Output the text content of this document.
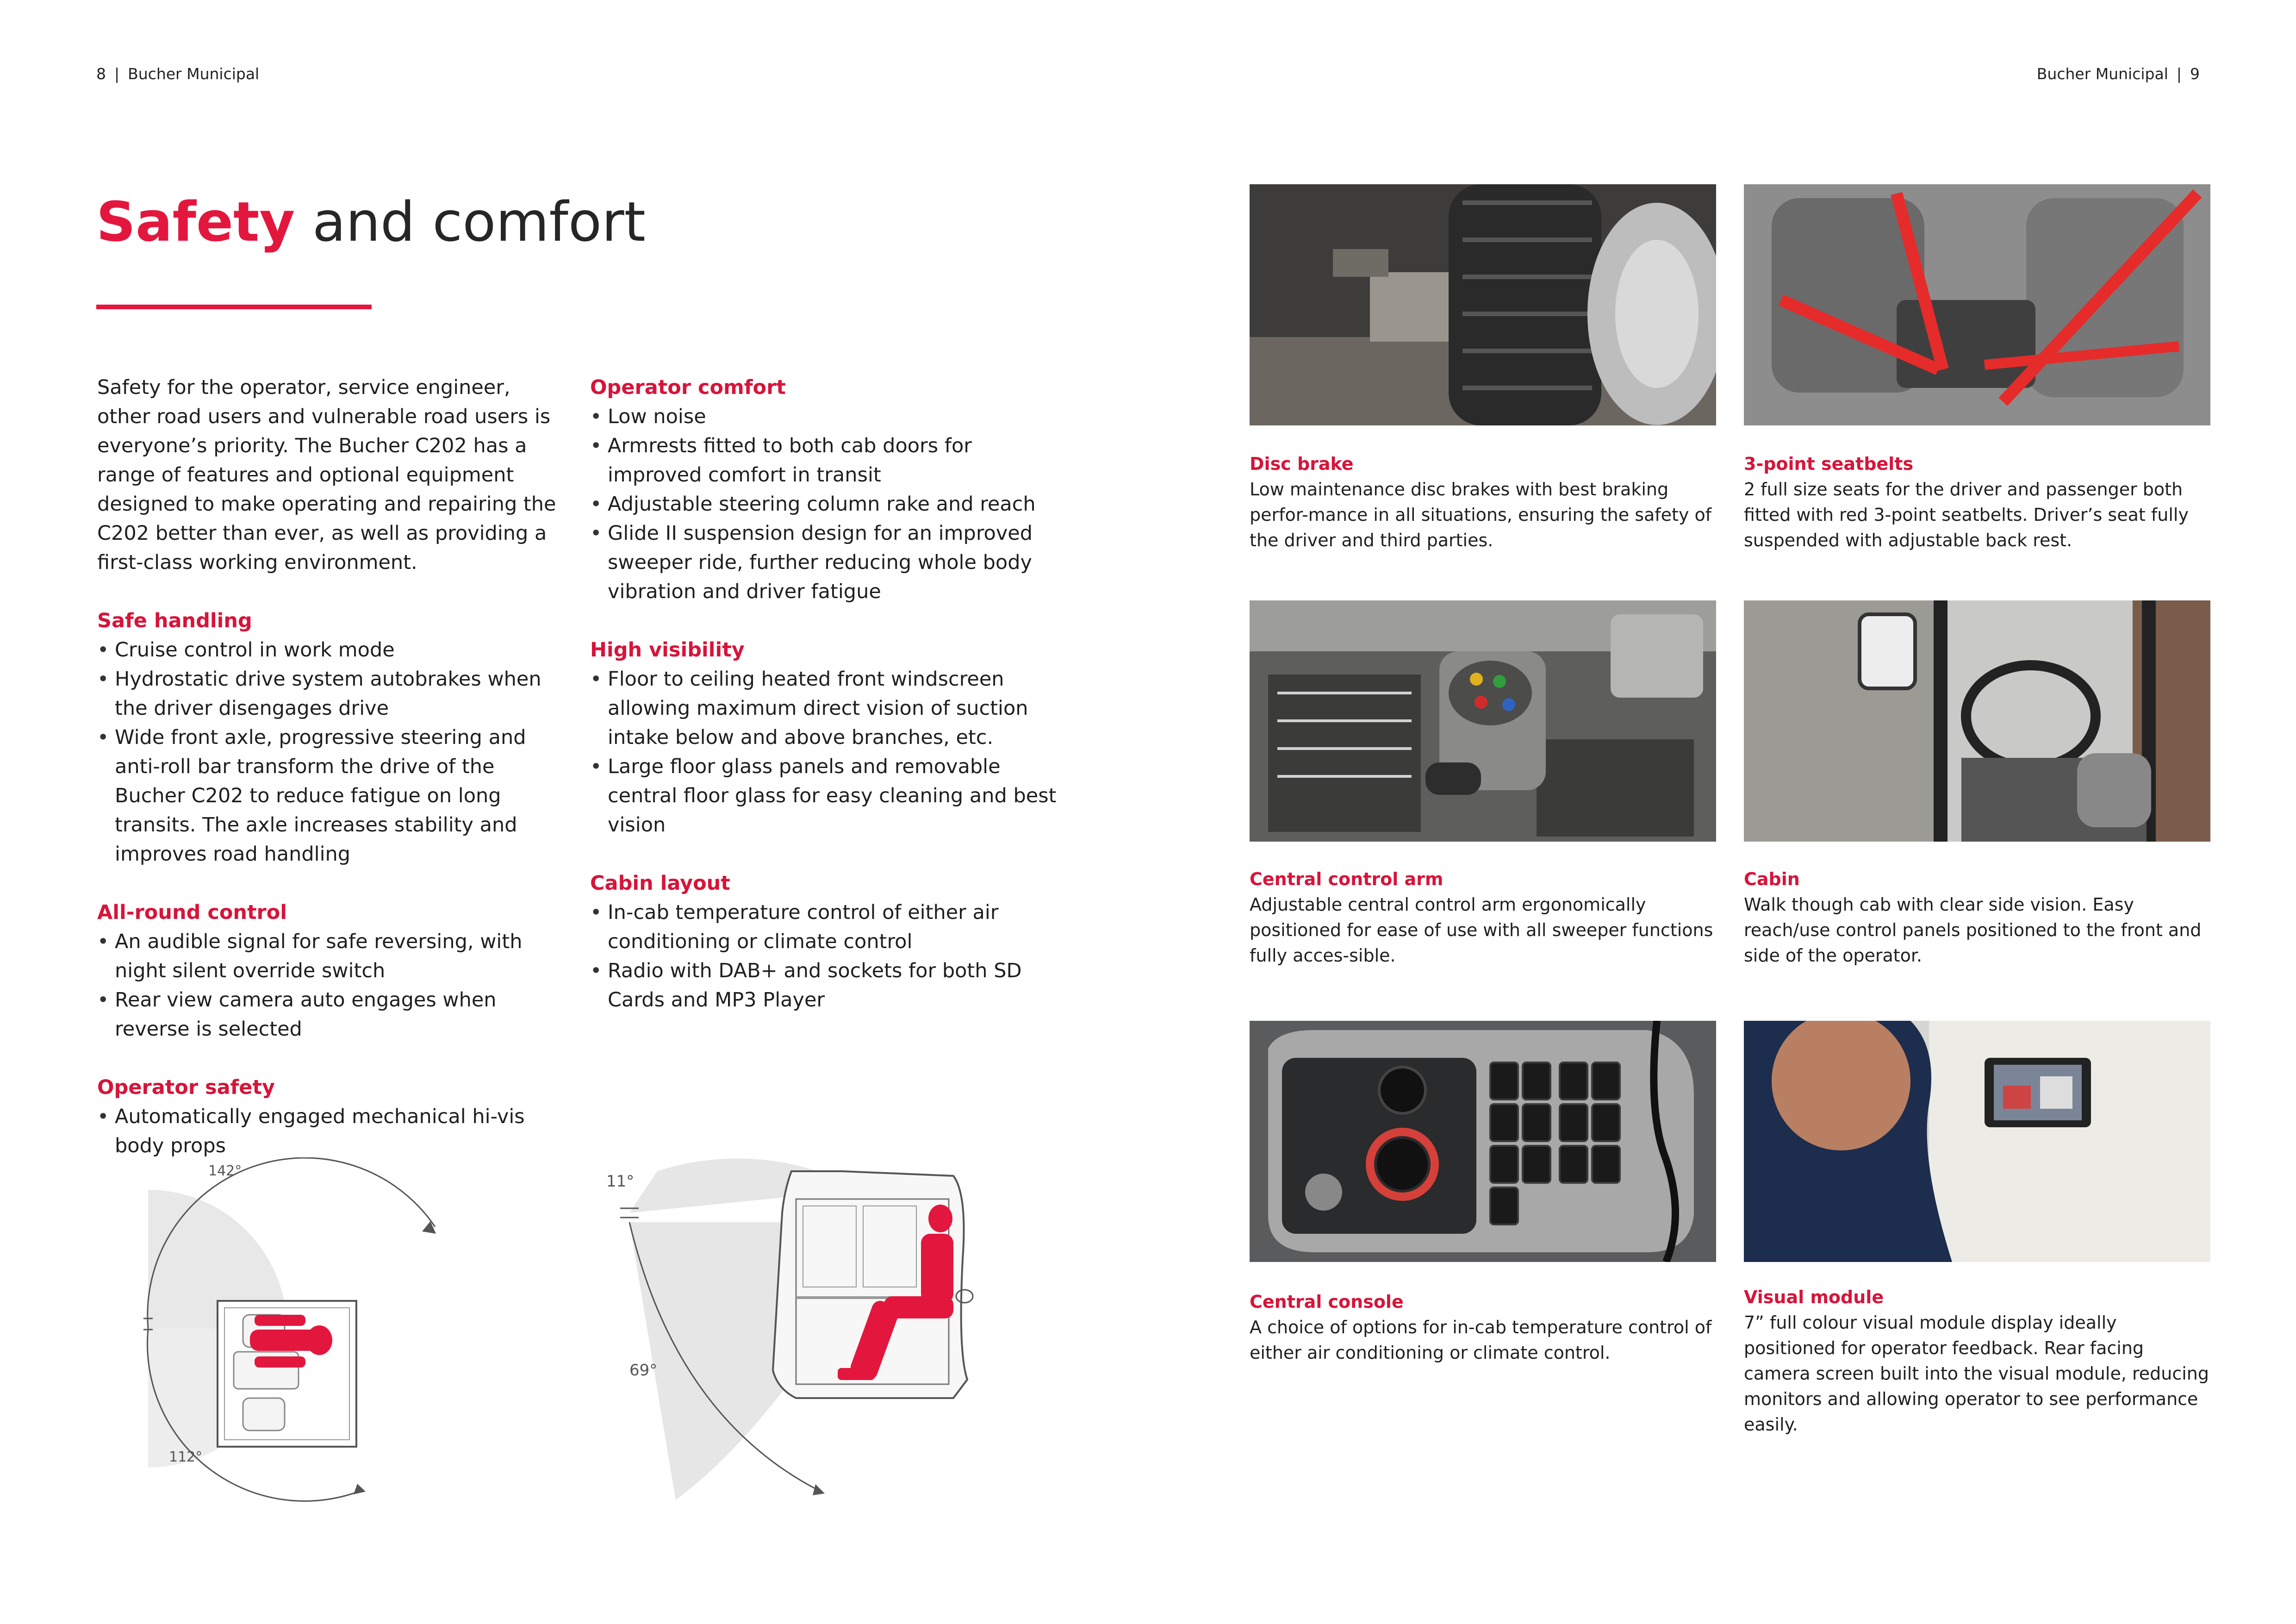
8 | Bucher Municipal	Bucher Municipal | 9
Safety and comfort

Safety for the operator, service engineer, other road users and vulnerable road users is everyone’s priority. The Bucher C202 has a range of features and optional equipment designed to make operating and repairing the C202 better than ever, as well as providing a first-class working environment.

Safe handling
• Cruise control in work mode
• Hydrostatic drive system autobrakes when the driver disengages drive
• Wide front axle, progressive steering and anti-roll bar transform the drive of the Bucher C202 to reduce fatigue on long transits. The axle increases stability and improves road handling
All-round control
• An audible signal for safe reversing, with night silent override switch
• Rear view camera auto engages when reverse is selected
Operator safety
• Automatically engaged mechanical hi-vis body props
Operator comfort
• Low noise
• Armrests fitted to both cab doors for improved comfort in transit
• Adjustable steering column rake and reach
• Glide II suspension design for an improved sweeper ride, further reducing whole body vibration and driver fatigue
High visibility
• Floor to ceiling heated front windscreen allowing maximum direct vision of suction intake below and above branches, etc.
• Large floor glass panels and removable central floor glass for easy cleaning and best vision
Cabin layout
• In-cab temperature control of either air conditioning or climate control
• Radio with DAB+ and sockets for both SD Cards and MP3 Player
142°
112°
11°
69°
Disc brake
Low maintenance disc brakes with best braking perfor-mance in all situations, ensuring the safety of the driver and third parties.
3-point seatbelts
2 full size seats for the driver and passenger both fitted with red 3-point seatbelts. Driver’s seat fully suspended with adjustable back rest.
Central control arm
Adjustable central control arm ergonomically positioned for ease of use with all sweeper functions fully acces-sible.
Cabin
Walk though cab with clear side vision. Easy reach/use control panels positioned to the front and side of the operator.
Central console
A choice of options for in-cab temperature control of either air conditioning or climate control.
Visual module
7” full colour visual module display ideally positioned for operator feedback. Rear facing camera screen built into the visual module, reducing monitors and allowing operator to see performance easily.
